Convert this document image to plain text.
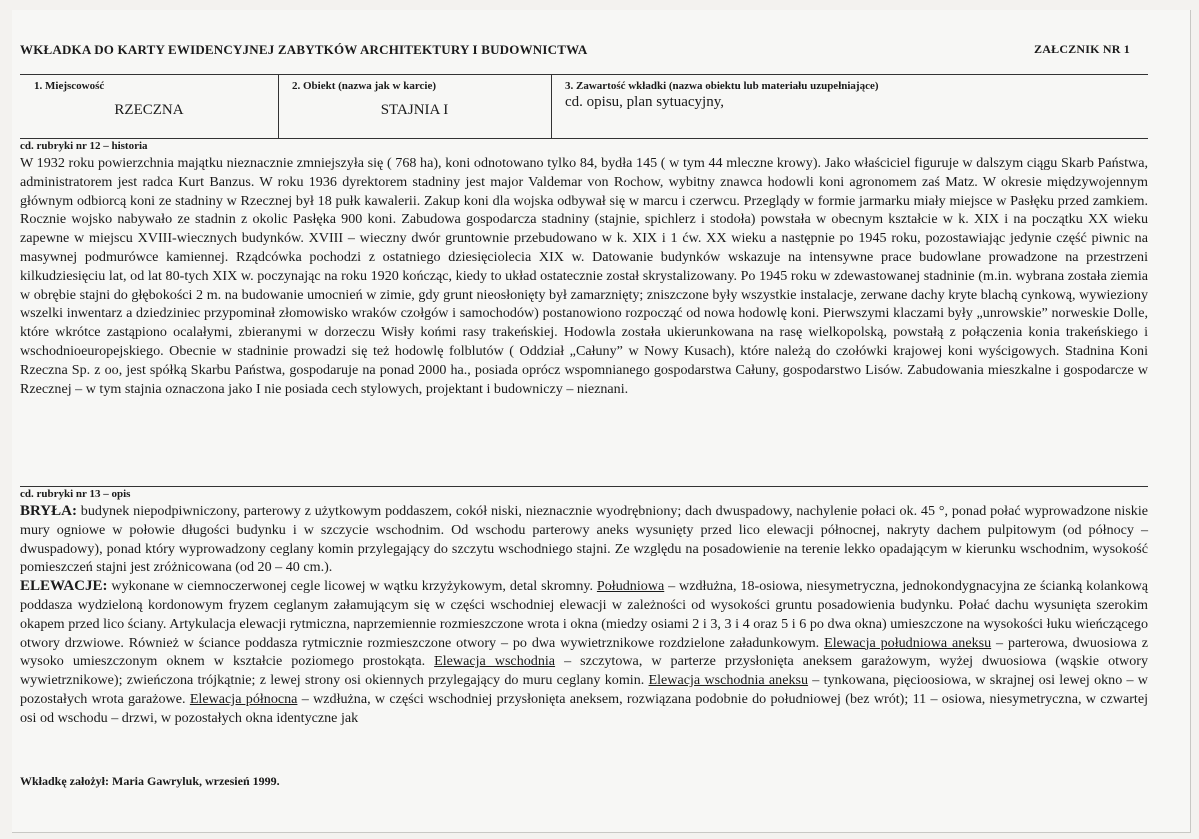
WKŁADKA DO KARTY EWIDENCYJNEJ ZABYTKÓW ARCHITEKTURY I BUDOWNICTWA	ZAŁCZNIK NR 1
1. Miejscowość
RZECZNA
2. Obiekt (nazwa jak w karcie)
STAJNIA I
3. Zawartość wkładki (nazwa obiektu lub materiału uzupełniające)
cd. opisu, plan sytuacyjny,
cd. rubryki nr 12 – historia

W 1932 roku powierzchnia majątku nieznacznie zmniejszyła się ( 768 ha), koni odnotowano tylko 84, bydła 145 ( w tym 44 mleczne krowy). Jako właściciel figuruje w dalszym ciągu Skarb Państwa, administratorem jest radca Kurt Banzus. W roku 1936 dyrektorem stadniny jest major Valdemar von Rochow, wybitny znawca hodowli koni agronomem zaś Matz. W okresie międzywojennym głównym odbiorcą koni ze stadniny w Rzecznej był 18 pułk kawalerii. Zakup koni dla wojska odbywał się w marcu i czerwcu. Przeglądy w formie jarmarku miały miejsce w Pasłęku przed zamkiem. Rocznie wojsko nabywało ze stadnin z okolic Pasłęka 900 koni. Zabudowa gospodarcza stadniny (stajnie, spichlerz i stodoła) powstała w obecnym kształcie w k. XIX i na początku XX wieku zapewne w miejscu XVIII-wiecznych budynków. XVIII – wieczny dwór gruntownie przebudowano w k. XIX i 1 ćw. XX wieku a następnie po 1945 roku, pozostawiając jedynie część piwnic na masywnej podmurówce kamiennej. Rządcówka pochodzi z ostatniego dziesięciolecia XIX w. Datowanie budynków wskazuje na intensywne prace budowlane prowadzone na przestrzeni kilkudziesięciu lat, od lat 80-tych XIX w. poczynając na roku 1920 kończąc, kiedy to układ ostatecznie został skrystalizowany. Po 1945 roku w zdewastowanej stadninie (m.in. wybrana została ziemia w obrębie stajni do głębokości 2 m. na budowanie umocnień w zimie, gdy grunt nieosłonięty był zamarznięty; zniszczone były wszystkie instalacje, zerwane dachy kryte blachą cynkową, wywieziony wszelki inwentarz a dziedziniec przypominał złomowisko wraków czołgów i samochodów) postanowiono rozpocząć od nowa hodowlę koni. Pierwszymi klaczami były „unrowskie” norweskie Dolle, które wkrótce zastąpiono ocalałymi, zbieranymi w dorzeczu Wisły końmi rasy trakeńskiej. Hodowla została ukierunkowana na rasę wielkopolską, powstałą z połączenia konia trakeńskiego i wschodnioeuropejskiego. Obecnie w stadninie prowadzi się też hodowlę folblutów ( Oddział „Całuny” w Nowy Kusach), które należą do czołówki krajowej koni wyścigowych. Stadnina Koni Rzeczna Sp. z oo, jest spółką Skarbu Państwa, gospodaruje na ponad 2000 ha., posiada oprócz wspomnianego gospodarstwa Całuny, gospodarstwo Lisów. Zabudowania mieszkalne i gospodarcze w Rzecznej – w tym stajnia oznaczona jako I nie posiada cech stylowych, projektant i budowniczy – nieznani.

cd. rubryki nr 13 – opis

BRYŁA: budynek niepodpiwniczony, parterowy z użytkowym poddaszem, cokół niski, nieznacznie wyodrębniony; dach dwuspadowy, nachylenie połaci ok. 45 °, ponad połać wyprowadzone niskie mury ogniowe w połowie długości budynku i w szczycie wschodnim. Od wschodu parterowy aneks wysunięty przed lico elewacji północnej, nakryty dachem pulpitowym (od północy – dwuspadowy), ponad który wyprowadzony ceglany komin przylegający do szczytu wschodniego stajni. Ze względu na posadowienie na terenie lekko opadającym w kierunku wschodnim, wysokość pomieszczeń stajni jest zróżnicowana (od 20 – 40 cm.).

ELEWACJE: wykonane w ciemnoczerwonej cegle licowej w wątku krzyżykowym, detal skromny. Południowa – wzdłużna, 18-osiowa, niesymetryczna, jednokondygnacyjna ze ścianką kolankową poddasza wydzieloną kordonowym fryzem ceglanym załamującym się w części wschodniej elewacji w zależności od wysokości gruntu posadowienia budynku. Połać dachu wysunięta szerokim okapem przed lico ściany. Artykulacja elewacji rytmiczna, naprzemiennie rozmieszczone wrota i okna (miedzy osiami 2 i 3, 3 i 4 oraz 5 i 6 po dwa okna) umieszczone na wysokości łuku wieńczącego otwory drzwiowe. Również w ściance poddasza rytmicznie rozmieszczone otwory – po dwa wywietrznikowe rozdzielone załadunkowym. Elewacja południowa aneksu – parterowa, dwuosiowa z wysoko umieszczonym oknem w kształcie poziomego prostokąta. Elewacja wschodnia – szczytowa, w parterze przysłonięta aneksem garażowym, wyżej dwuosiowa (wąskie otwory wywietrznikowe); zwieńczona trójkątnie; z lewej strony osi okiennych przylegający do muru ceglany komin. Elewacja wschodnia aneksu – tynkowana, pięcioosiowa, w skrajnej osi lewej okno – w pozostałych wrota garażowe. Elewacja północna – wzdłużna, w części wschodniej przysłonięta aneksem, rozwiązana podobnie do południowej (bez wrót); 11 – osiowa, niesymetryczna, w czwartej osi od wschodu – drzwi, w pozostałych okna identyczne jak

Wkładkę założył: Maria Gawryluk, wrzesień 1999.
